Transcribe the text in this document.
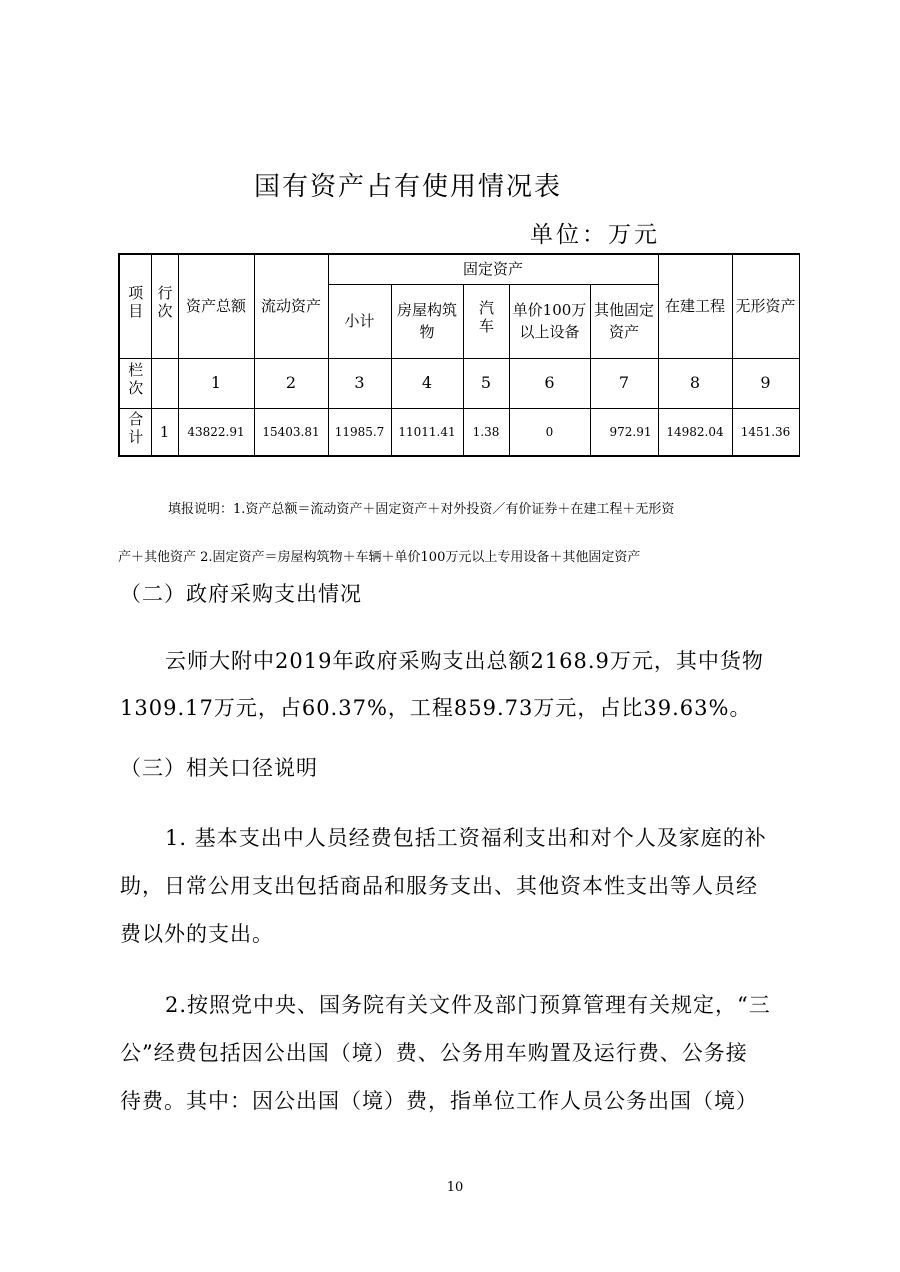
国有资产占有使用情况表
单位：万元
项目	行次	资产总额	流动资产	固定资产					在建工程	无形资产
				小计	房屋构筑物	汽车	单价100万以上设备	其他固定资产		
栏次		1	2	3	4	5	6	7	8	9
合计	1	43822.91	15403.81	11985.7	11011.41	1.38	0	972.91	14982.04	1451.36
填报说明：1.资产总额＝流动资产＋固定资产＋对外投资／有价证券＋在建工程＋无形资
产＋其他资产 2.固定资产＝房屋构筑物＋车辆＋单价100万元以上专用设备＋其他固定资产
（二）政府采购支出情况
云师大附中2019年政府采购支出总额2168.9万元，其中货物
1309.17万元，占60.37%，工程859.73万元，占比39.63%。
（三）相关口径说明
1. 基本支出中人员经费包括工资福利支出和对个人及家庭的补
助，日常公用支出包括商品和服务支出、其他资本性支出等人员经
费以外的支出。
2.按照党中央、国务院有关文件及部门预算管理有关规定，“三
公”经费包括因公出国（境）费、公务用车购置及运行费、公务接
待费。其中：因公出国（境）费，指单位工作人员公务出国（境）
10
